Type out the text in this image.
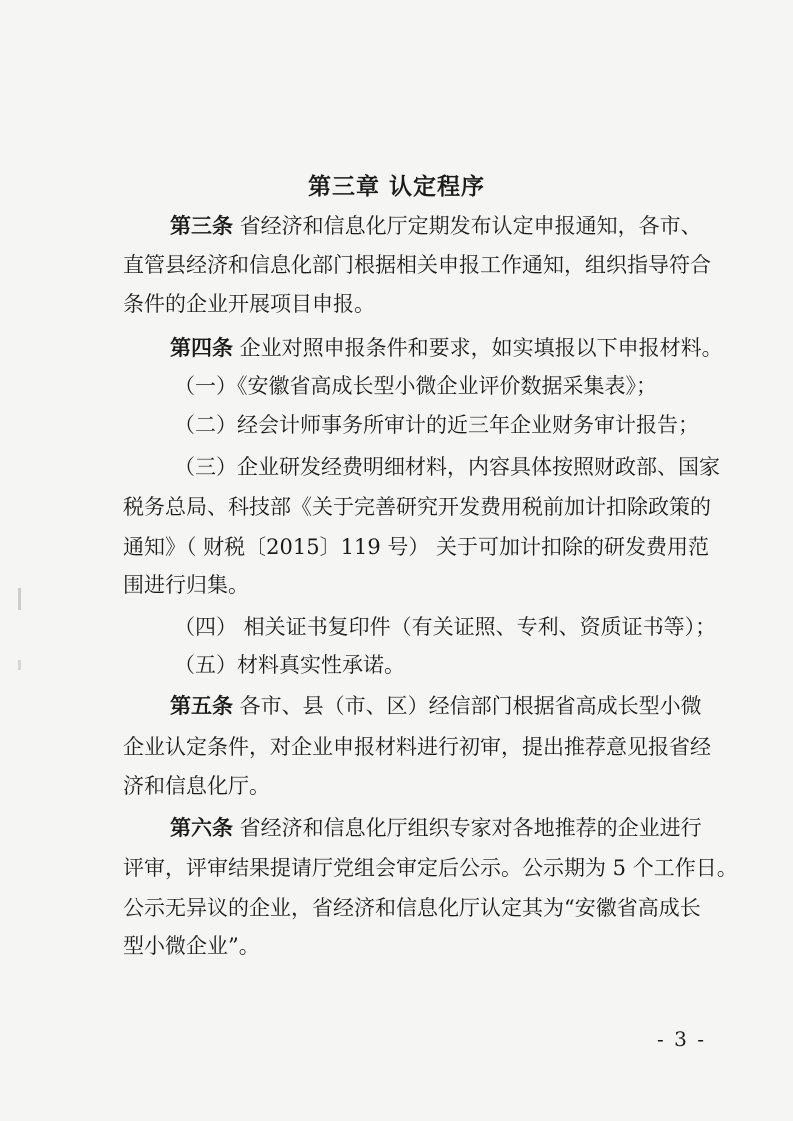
第三章 认定程序
第三条 省经济和信息化厅定期发布认定申报通知，各市、
直管县经济和信息化部门根据相关申报工作通知，组织指导符合
条件的企业开展项目申报。
第四条 企业对照申报条件和要求，如实填报以下申报材料。
（一）《安徽省高成长型小微企业评价数据采集表》；
（二）经会计师事务所审计的近三年企业财务审计报告；
（三）企业研发经费明细材料，内容具体按照财政部、国家
税务总局、科技部《关于完善研究开发费用税前加计扣除政策的
通知》（ 财税〔2015〕119 号） 关于可加计扣除的研发费用范
围进行归集。
（四） 相关证书复印件（有关证照、专利、资质证书等）；
（五）材料真实性承诺。
第五条 各市、县（市、区）经信部门根据省高成长型小微
企业认定条件，对企业申报材料进行初审，提出推荐意见报省经
济和信息化厅。
第六条 省经济和信息化厅组织专家对各地推荐的企业进行
评审，评审结果提请厅党组会审定后公示。公示期为 5 个工作日。
公示无异议的企业，省经济和信息化厅认定其为“安徽省高成长
型小微企业”。
- 3 -
